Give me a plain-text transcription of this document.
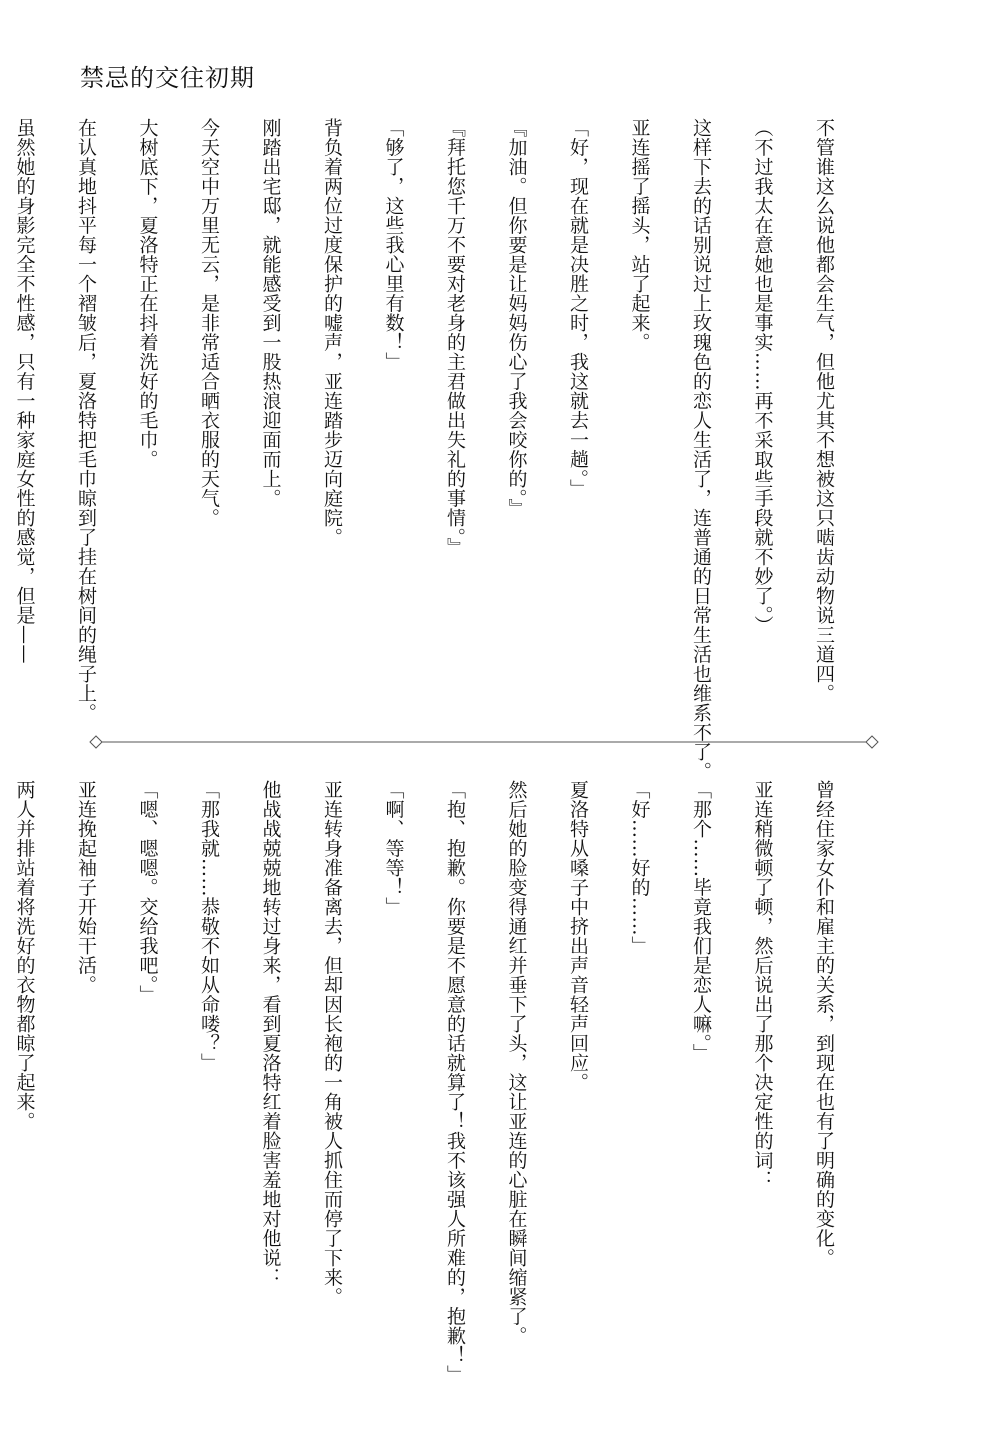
禁忌的交往初期

不管谁这么说他都会生气，但他尤其不想被这只啮齿动物说三道四。

（不过我太在意她也是事实……再不采取些手段就不妙了。）

这样下去的话别说过上玫瑰色的恋人生活了，连普通的日常生活也维系不了。

亚连摇了摇头，站了起来。

「好，现在就是决胜之时，我这就去一趟。」

『加油。但你要是让妈妈伤心了我会咬你的。』

『拜托您千万不要对老身的主君做出失礼的事情。』

「够了，这些我心里有数！」

背负着两位过度保护的嘘声，亚连踏步迈向庭院。

刚踏出宅邸，就能感受到一股热浪迎面而上。

今天空中万里无云，是非常适合晒衣服的天气。

大树底下，夏洛特正在抖着洗好的毛巾。

在认真地抖平每一个褶皱后，夏洛特把毛巾晾到了挂在树间的绳子上。

虽然她的身影完全不性感，只有一种家庭女性的感觉，但是——

曾经住家女仆和雇主的关系，到现在也有了明确的变化。

亚连稍微顿了顿，然后说出了那个决定性的词：

「那个……毕竟我们是恋人嘛。」

「好……好的……」

夏洛特从嗓子中挤出声音轻声回应。

然后她的脸变得通红并垂下了头，这让亚连的心脏在瞬间缩紧了。

「抱、抱歉。你要是不愿意的话就算了！我不该强人所难的，抱歉！」

「啊、等等！」

亚连转身准备离去，但却因长袍的一角被人抓住而停了下来。

他战战兢兢地转过身来，看到夏洛特红着脸害羞地对他说：

「那我就……恭敬不如从命喽？」

「嗯、嗯嗯。交给我吧。」

亚连挽起袖子开始干活。

两人并排站着将洗好的衣物都晾了起来。
